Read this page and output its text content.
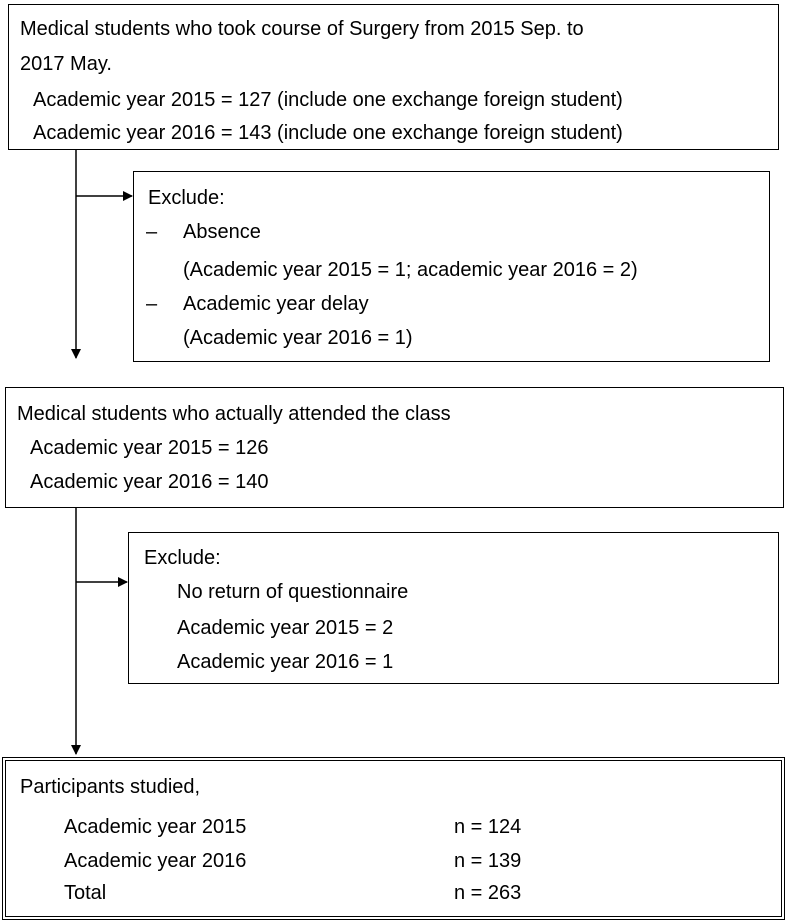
Medical students who took course of Surgery from 2015 Sep. to
2017 May.
Academic year 2015 = 127 (include one exchange foreign student)
Academic year 2016 = 143 (include one exchange foreign student)
Exclude:
– Absence
(Academic year 2015 = 1; academic year 2016 = 2)
– Academic year delay
(Academic year 2016 = 1)
Medical students who actually attended the class
Academic year 2015 = 126
Academic year 2016 = 140
Exclude:
No return of questionnaire
Academic year 2015 = 2
Academic year 2016 = 1
Participants studied,
Academic year 2015	n = 124
Academic year 2016	n = 139
Total	n = 263
